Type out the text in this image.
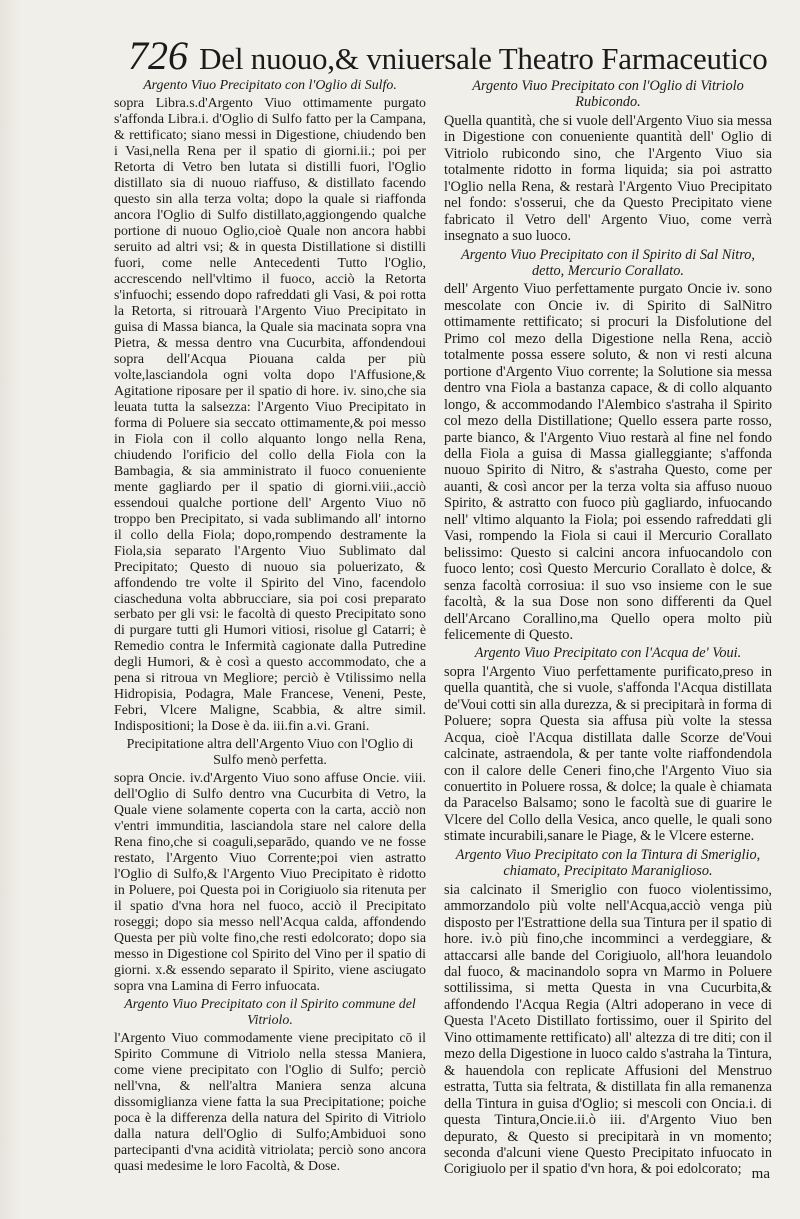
726 Del nuouo,& vniuersale Theatro Farmaceutico
Argento Viuo Precipitato con l'Oglio di Sulfo.
sopra Libra.s.d'Argento Viuo ottimamente purgato s'affonda Libra.i. d'Oglio di Sulfo fatto per la Campana, & rettificato; siano messi in Digestione, chiudendo ben i Vasi,nella Rena per il spatio di giorni.ii.; poi per Retorta di Vetro ben lutata si distilli fuori, l'Oglio distillato sia di nuouo riaffuso, & distillato facendo questo sin alla terza volta; dopo la quale si riaffonda ancora l'Oglio di Sulfo distillato,aggiongendo qualche portione di nuouo Oglio,cioè Quale non ancora habbi seruito ad altri vsi; & in questa Distillatione si distilli fuori, come nelle Antecedenti Tutto l'Oglio, accrescendo nell'vltimo il fuoco, acciò la Retorta s'infuochi; essendo dopo rafreddati gli Vasi, & poi rotta la Retorta, si ritrouarà l'Argento Viuo Precipitato in guisa di Massa bianca, la Quale sia macinata sopra vna Pietra, & messa dentro vna Cucurbita, affondendoui sopra dell'Acqua Piouana calda per più volte,lasciandola ogni volta dopo l'Affusione,& Agitatione riposare per il spatio di hore. iv. sino,che sia leuata tutta la salsezza: l'Argento Viuo Precipitato in forma di Poluere sia seccato ottimamente,& poi messo in Fiola con il collo alquanto longo nella Rena, chiudendo l'orificio del collo della Fiola con la Bambagia, & sia amministrato il fuoco conueniente mente gagliardo per il spatio di giorni.viii.,acciò essendoui qualche portione dell' Argento Viuo nō troppo ben Precipitato, si vada sublimando all' intorno il collo della Fiola; dopo,rompendo destramente la Fiola,sia separato l'Argento Viuo Sublimato dal Precipitato; Questo di nuouo sia poluerizato, & affondendo tre volte il Spirito del Vino, facendolo ciascheduna volta abbrucciare, sia poi cosi preparato serbato per gli vsi: le facoltà di questo Precipitato sono di purgare tutti gli Humori vitiosi, risolue gl Catarri; è Remedio contra le Infermità cagionate dalla Putredine degli Humori, & è così a questo accommodato, che a pena si ritroua vn Megliore; perciò è Vtilissimo nella Hidropisia, Podagra, Male Francese, Veneni, Peste, Febri, Vlcere Maligne, Scabbia, & altre simil. Indispositioni; la Dose è da. iii.fin a.vi. Grani.
Precipitatione altra dell'Argento Viuo con l'Oglio di Sulfo menò perfetta.
sopra Oncie. iv.d'Argento Viuo sono affuse Oncie. viii. dell'Oglio di Sulfo dentro vna Cucurbita di Vetro, la Quale viene solamente coperta con la carta, acciò non v'entri immunditia, lasciandola stare nel calore della Rena fino,che si coaguli,separādo, quando ve ne fosse restato, l'Argento Viuo Corrente;poi vien astratto l'Oglio di Sulfo,& l'Argento Viuo Precipitato è ridotto in Poluere, poi Questa poi in Corigiuolo sia ritenuta per il spatio d'vna hora nel fuoco, acciò il Precipitato roseggi; dopo sia messo nell'Acqua calda, affondendo Questa per più volte fino,che resti edolcorato; dopo sia messo in Digestione col Spirito del Vino per il spatio di giorni. x.& essendo separato il Spirito, viene asciugato sopra vna Lamina di Ferro infuocata.
Argento Viuo Precipitato con il Spirito commune del Vitriolo.
l'Argento Viuo commodamente viene precipitato cō il Spirito Commune di Vitriolo nella stessa Maniera, come viene precipitato con l'Oglio di Sulfo; perciò nell'vna, & nell'altra Maniera senza alcuna dissomiglianza viene fatta la sua Precipitatione; poiche poca è la differenza della natura del Spirito di Vitriolo dalla natura dell'Oglio di Sulfo;Ambiduoi sono partecipanti d'vna acidità vitriolata; perciò sono ancora quasi medesime le loro Facoltà, & Dose.
Argento Viuo Precipitato con l'Oglio di Vitriolo Rubicondo.
Quella quantità, che si vuole dell'Argento Viuo sia messa in Digestione con conueniente quantità dell' Oglio di Vitriolo rubicondo sino, che l'Argento Viuo sia totalmente ridotto in forma liquida; sia poi astratto l'Oglio nella Rena, & restarà l'Argento Viuo Precipitato nel fondo: s'osserui, che da Questo Precipitato viene fabricato il Vetro dell' Argento Viuo, come verrà insegnato a suo luoco.
Argento Viuo Precipitato con il Spirito di Sal Nitro, detto, Mercurio Corallato.
dell' Argento Viuo perfettamente purgato Oncie iv. sono mescolate con Oncie iv. di Spirito di SalNitro ottimamente rettificato; si procuri la Disfolutione del Primo col mezo della Digestione nella Rena, acciò totalmente possa essere soluto, & non vi resti alcuna portione d'Argento Viuo corrente; la Solutione sia messa dentro vna Fiola a bastanza capace, & di collo alquanto longo, & accommodando l'Alembico s'astraha il Spirito col mezo della Distillatione; Quello essera parte rosso, parte bianco, & l'Argento Viuo restarà al fine nel fondo della Fiola a guisa di Massa gialleggiante; s'affonda nuouo Spirito di Nitro, & s'astraha Questo, come per auanti, & così ancor per la terza volta sia affuso nuouo Spirito, & astratto con fuoco più gagliardo, infuocando nell' vltimo alquanto la Fiola; poi essendo rafreddati gli Vasi, rompendo la Fiola si caui il Mercurio Corallato belissimo: Questo si calcini ancora infuocandolo con fuoco lento; così Questo Mercurio Corallato è dolce, & senza facoltà corrosiua: il suo vso insieme con le sue facoltà, & la sua Dose non sono differenti da Quel dell'Arcano Corallino,ma Quello opera molto più felicemente di Questo.
Argento Viuo Precipitato con l'Acqua de' Voui.
sopra l'Argento Viuo perfettamente purificato,preso in quella quantità, che si vuole, s'affonda l'Acqua distillata de'Voui cotti sin alla durezza, & si precipitarà in forma di Poluere; sopra Questa sia affusa più volte la stessa Acqua, cioè l'Acqua distillata dalle Scorze de'Voui calcinate, astraendola, & per tante volte riaffondendola con il calore delle Ceneri fino,che l'Argento Viuo sia conuertito in Poluere rossa, & dolce; la quale è chiamata da Paracelso Balsamo; sono le facoltà sue di guarire le Vlcere del Collo della Vesica, anco quelle, le quali sono stimate incurabili,sanare le Piage, & le Vlcere esterne.
Argento Viuo Precipitato con la Tintura di Smeriglio, chiamato, Precipitato Maraniglioso.
sia calcinato il Smeriglio con fuoco violentissimo, ammorzandolo più volte nell'Acqua,acciò venga più disposto per l'Estrattione della sua Tintura per il spatio di hore. iv.ò più fino,che incomminci a verdeggiare, & attaccarsi alle bande del Corigiuolo, all'hora leuandolo dal fuoco, & macinandolo sopra vn Marmo in Poluere sottilissima, si metta Questa in vna Cucurbita,& affondendo l'Acqua Regia (Altri adoperano in vece di Questa l'Aceto Distillato fortissimo, ouer il Spirito del Vino ottimamente rettificato) all' altezza di tre diti; con il mezo della Digestione in luoco caldo s'astraha la Tintura, & hauendola con replicate Affusioni del Menstruo estratta, Tutta sia feltrata, & distillata fin alla remanenza della Tintura in guisa d'Oglio; si mescoli con Oncia.i. di questa Tintura,Oncie.ii.ò iii. d'Argento Viuo ben depurato, & Questo si precipitarà in vn momento; seconda d'alcuni viene Questo Precipitato infuocato in Corigiuolo per il spatio d'vn hora, & poi edolcorato; ma
